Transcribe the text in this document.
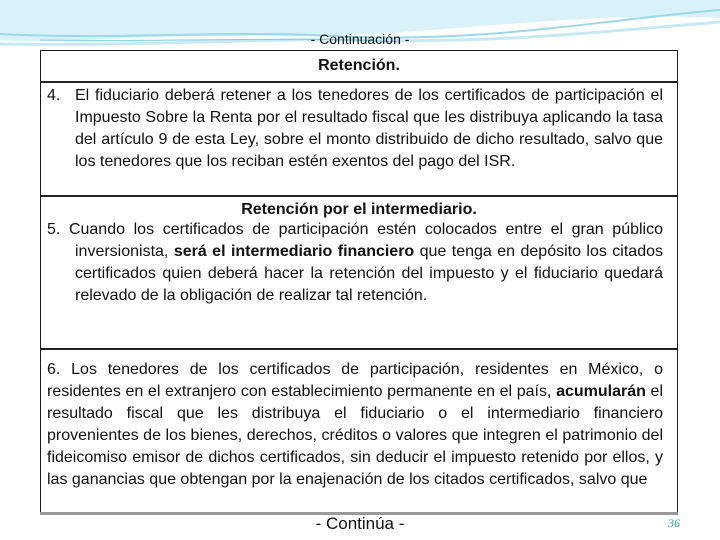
- Continuación -
Retención.
4. El fiduciario deberá retener a los tenedores de los certificados de participación el Impuesto Sobre la Renta por el resultado fiscal que les distribuya aplicando la tasa del artículo 9 de esta Ley, sobre el monto distribuido de dicho resultado, salvo que los tenedores que los reciban estén exentos del pago del ISR.
Retención por el intermediario.
5. Cuando los certificados de participación estén colocados entre el gran público inversionista, será el intermediario financiero que tenga en depósito los citados certificados quien deberá hacer la retención del impuesto y el fiduciario quedará relevado de la obligación de realizar tal retención.
6. Los tenedores de los certificados de participación, residentes en México, o residentes en el extranjero con establecimiento permanente en el país, acumularán el resultado fiscal que les distribuya el fiduciario o el intermediario financiero provenientes de los bienes, derechos, créditos o valores que integren el patrimonio del fideicomiso emisor de dichos certificados, sin deducir el impuesto retenido por ellos, y las ganancias que obtengan por la enajenación de los citados certificados, salvo que
- Continúa -	36
